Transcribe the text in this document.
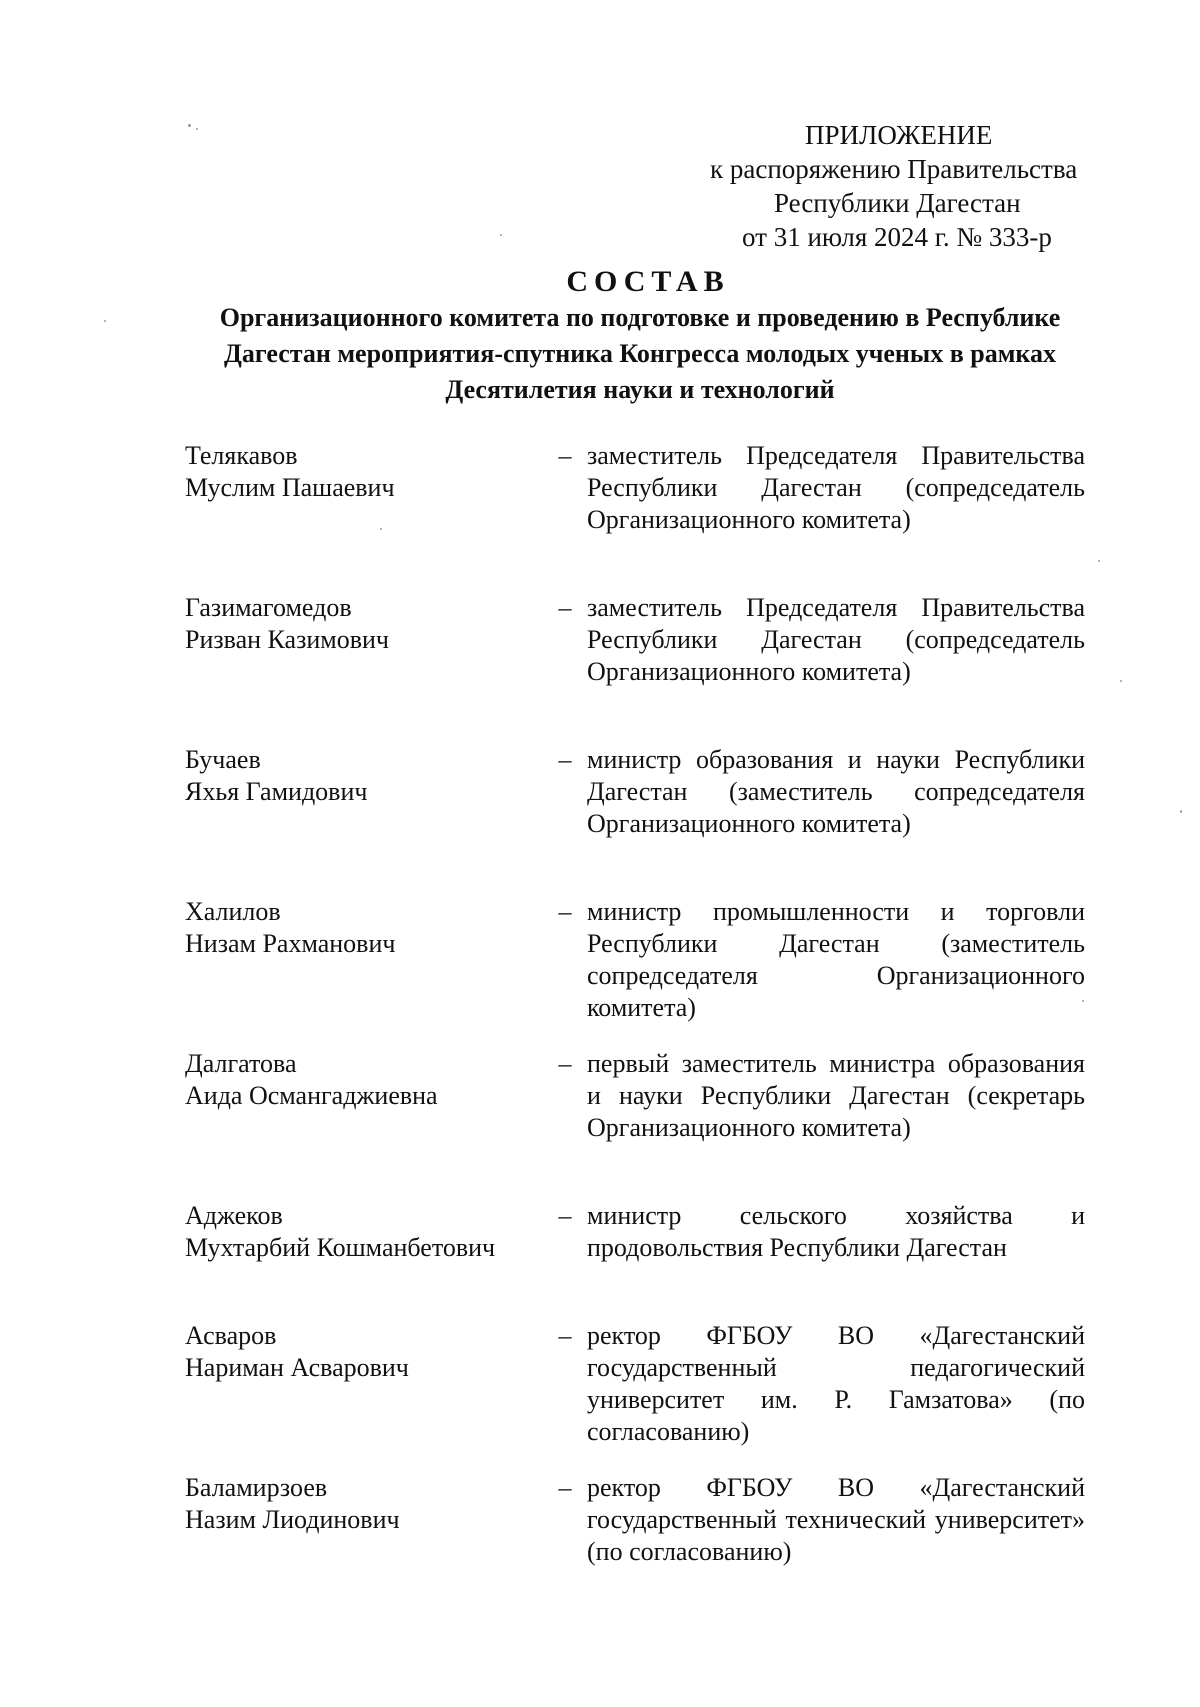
ПРИЛОЖЕНИЕ
к распоряжению Правительства
Республики Дагестан
от 31 июля 2024 г. № 333-р
СОСТАВ
Организационного комитета по подготовке и проведению в Республике
Дагестан мероприятия-спутника Конгресса молодых ученых в рамках
Десятилетия науки и технологий
Телякавов
Муслим Пашаевич
– заместитель Председателя Правительства Республики Дагестан (сопредседатель Организационного комитета)
Газимагомедов
Ризван Казимович
– заместитель Председателя Правительства Республики Дагестан (сопредседатель Организационного комитета)
Бучаев
Яхья Гамидович
– министр образования и науки Республики Дагестан (заместитель сопредседателя Организационного комитета)
Халилов
Низам Рахманович
– министр промышленности и торговли Республики Дагестан (заместитель сопредседателя Организационного комитета)
Далгатова
Аида Османгаджиевна
– первый заместитель министра образования и науки Республики Дагестан (секретарь Организационного комитета)
Аджеков
Мухтарбий Кошманбетович
– министр сельского хозяйства и продовольствия Республики Дагестан
Асваров
Нариман Асварович
– ректор ФГБОУ ВО «Дагестанский государственный педагогический университет им. Р. Гамзатова» (по согласованию)
Баламирзоев
Назим Лиодинович
– ректор ФГБОУ ВО «Дагестанский государственный технический университет» (по согласованию)
